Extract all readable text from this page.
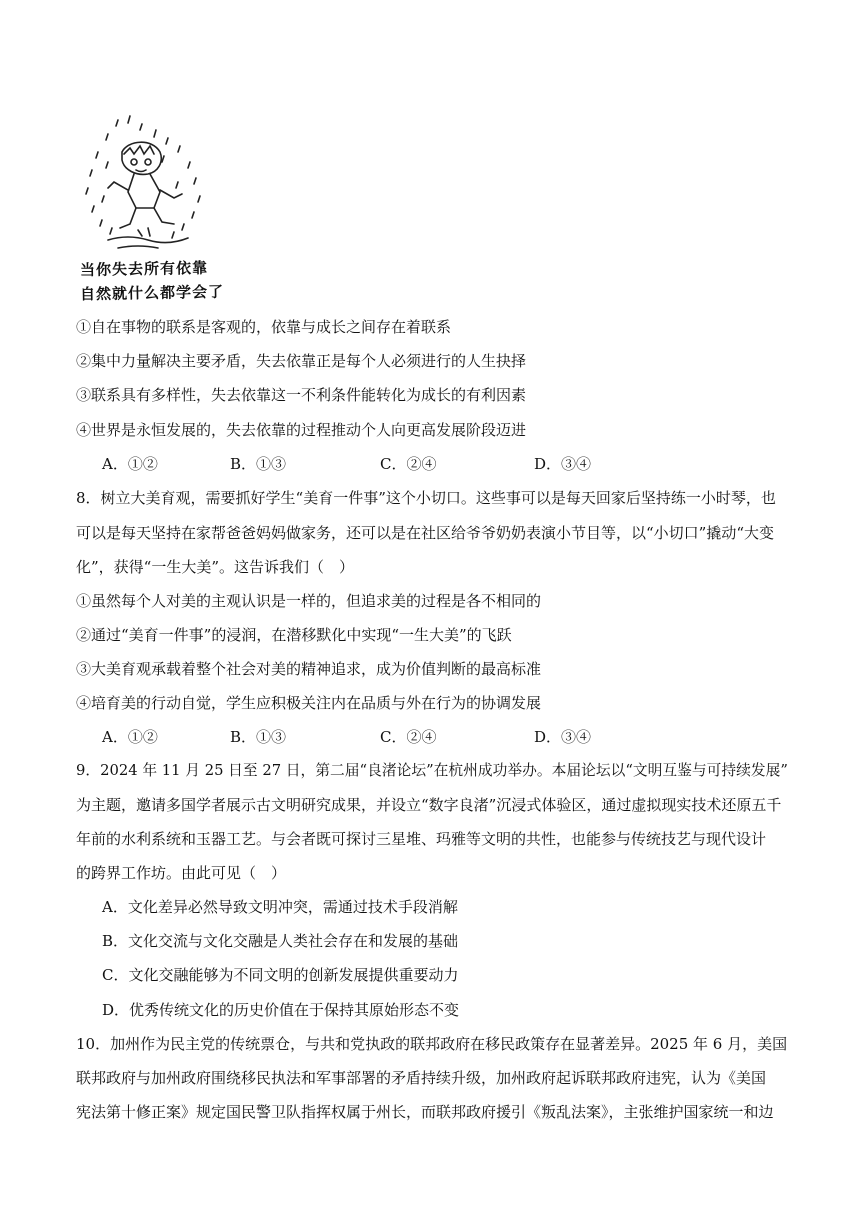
当你失去所有依靠
自然就什么都学会了
①自在事物的联系是客观的，依靠与成长之间存在着联系
②集中力量解决主要矛盾，失去依靠正是每个人必须进行的人生抉择
③联系具有多样性，失去依靠这一不利条件能转化为成长的有利因素
④世界是永恒发展的，失去依靠的过程推动个人向更高发展阶段迈进
A．①②	B．①③	C．②④	D．③④
8．树立大美育观，需要抓好学生“美育一件事”这个小切口。这些事可以是每天回家后坚持练一小时琴，也
可以是每天坚持在家帮爸爸妈妈做家务，还可以是在社区给爷爷奶奶表演小节目等，以“小切口”撬动“大变
化”，获得“一生大美”。这告诉我们（　）
①虽然每个人对美的主观认识是一样的，但追求美的过程是各不相同的
②通过“美育一件事”的浸润，在潜移默化中实现“一生大美”的飞跃
③大美育观承载着整个社会对美的精神追求，成为价值判断的最高标准
④培育美的行动自觉，学生应积极关注内在品质与外在行为的协调发展
A．①②	B．①③	C．②④	D．③④
9．2024 年 11 月 25 日至 27 日，第二届“良渚论坛”在杭州成功举办。本届论坛以“文明互鉴与可持续发展”
为主题，邀请多国学者展示古文明研究成果，并设立“数字良渚”沉浸式体验区，通过虚拟现实技术还原五千
年前的水利系统和玉器工艺。与会者既可探讨三星堆、玛雅等文明的共性，也能参与传统技艺与现代设计
的跨界工作坊。由此可见（　）
A．文化差异必然导致文明冲突，需通过技术手段消解
B．文化交流与文化交融是人类社会存在和发展的基础
C．文化交融能够为不同文明的创新发展提供重要动力
D．优秀传统文化的历史价值在于保持其原始形态不变
10．加州作为民主党的传统票仓，与共和党执政的联邦政府在移民政策存在显著差异。2025 年 6 月，美国
联邦政府与加州政府围绕移民执法和军事部署的矛盾持续升级，加州政府起诉联邦政府违宪，认为《美国
宪法第十修正案》规定国民警卫队指挥权属于州长，而联邦政府援引《叛乱法案》，主张维护国家统一和边
